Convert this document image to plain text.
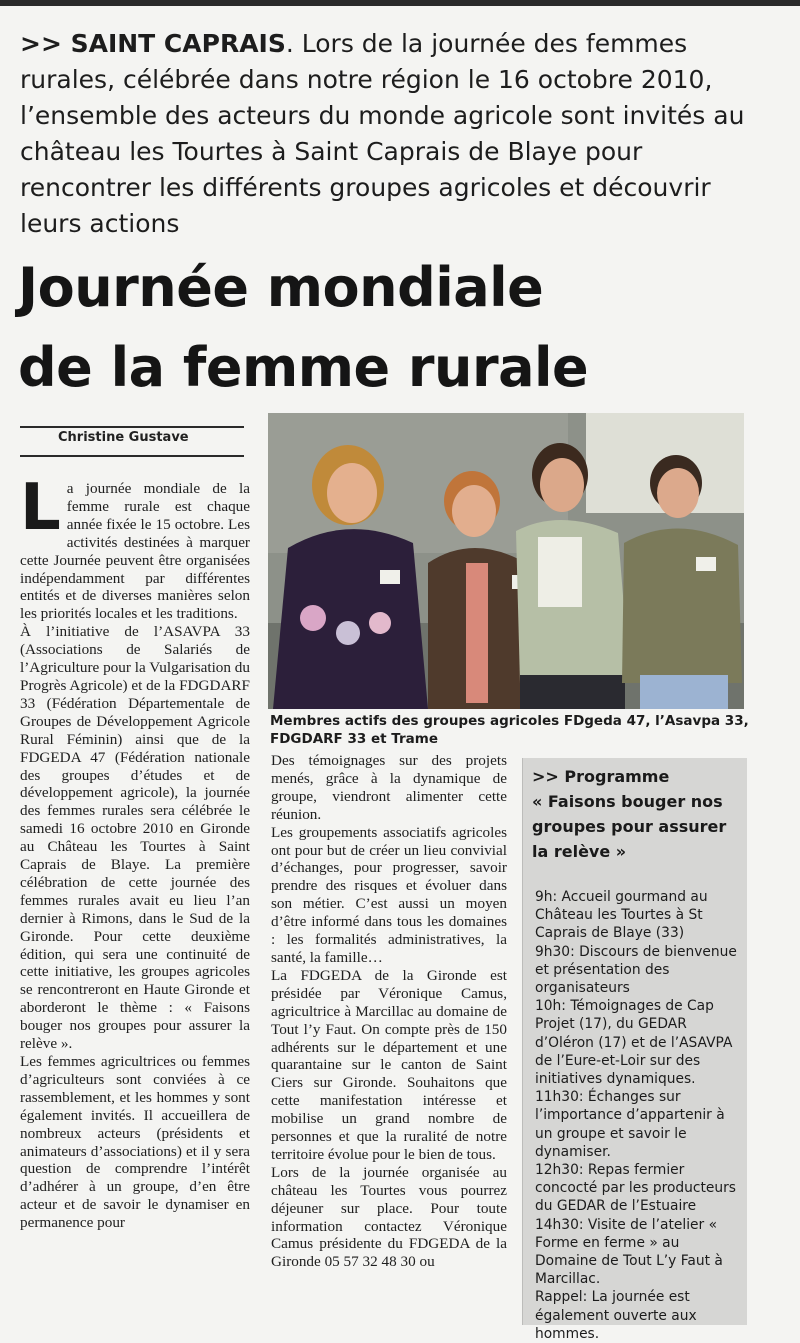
>> SAINT CAPRAIS. Lors de la journée des femmes rurales, célébrée dans notre région le 16 octobre 2010, l’ensemble des acteurs du monde agricole sont invités au château les Tourtes à Saint Caprais de Blaye pour rencontrer les différents groupes agricoles et découvrir leurs actions
Journée mondiale
de la femme rurale
Christine Gustave

La journée mondiale de la femme rurale est chaque année fixée le 15 octobre. Les activités destinées à marquer cette Journée peuvent être organisées indépendamment par différentes entités et de diverses manières selon les priorités locales et les traditions.

À l’initiative de l’ASAVPA 33 (Associations de Salariés de l’Agriculture pour la Vulgarisation du Progrès Agricole) et de la FDGDARF 33 (Fédération Départementale de Groupes de Développement Agricole Rural Féminin) ainsi que de la FDGEDA 47 (Fédération nationale des groupes d’études et de développement agricole), la journée des femmes rurales sera célébrée le samedi 16 octobre 2010 en Gironde au Château les Tourtes à Saint Caprais de Blaye. La première célébration de cette journée des femmes rurales avait eu lieu l’an dernier à Rimons, dans le Sud de la Gironde. Pour cette deuxième édition, qui sera une continuité de cette initiative, les groupes agricoles se rencontreront en Haute Gironde et aborderont le thème : « Faisons bouger nos groupes pour assurer la relève ».

Les femmes agricultrices ou femmes d’agriculteurs sont conviées à ce rassemblement, et les hommes y sont également invités. Il accueillera de nombreux acteurs (présidents et animateurs d’associations) et il y sera question de comprendre l’intérêt d’adhérer à un groupe, d’en être acteur et de savoir le dynamiser en permanence pour

Membres actifs des groupes agricoles FDgeda 47, l’Asavpa 33, FDGDARF 33 et Trame

Des témoignages sur des projets menés, grâce à la dynamique de groupe, viendront alimenter cette réunion.

Les groupements associatifs agricoles ont pour but de créer un lieu convivial d’échanges, pour progresser, savoir prendre des risques et évoluer dans son métier. C’est aussi un moyen d’être informé dans tous les domaines : les formalités administratives, la santé, la famille…

La FDGEDA de la Gironde est présidée par Véronique Camus, agricultrice à Marcillac au domaine de Tout l’y Faut. On compte près de 150 adhérents sur le département et une quarantaine sur le canton de Saint Ciers sur Gironde. Souhaitons que cette manifestation intéresse et mobilise un grand nombre de personnes et que la ruralité de notre territoire évolue pour le bien de tous.

Lors de la journée organisée au château les Tourtes vous pourrez déjeuner sur place. Pour toute information contactez Véronique Camus présidente du FDGEDA de la Gironde 05 57 32 48 30 ou

>> Programme
« Faisons bouger nos groupes pour assurer la relève »

9h: Accueil gourmand au Château les Tourtes à St Caprais de Blaye (33)

9h30: Discours de bienvenue et présentation des organisateurs

10h: Témoignages de Cap Projet (17), du GEDAR d’Oléron (17) et de l’ASAVPA de l’Eure-et-Loir sur des initiatives dynamiques.

11h30: Échanges sur l’importance d’appartenir à un groupe et savoir le dynamiser.

12h30: Repas fermier concocté par les producteurs du GEDAR de l’Estuaire

14h30: Visite de l’atelier « Forme en ferme » au Domaine de Tout L’y Faut à Marcillac.

Rappel: La journée est également ouverte aux hommes.
